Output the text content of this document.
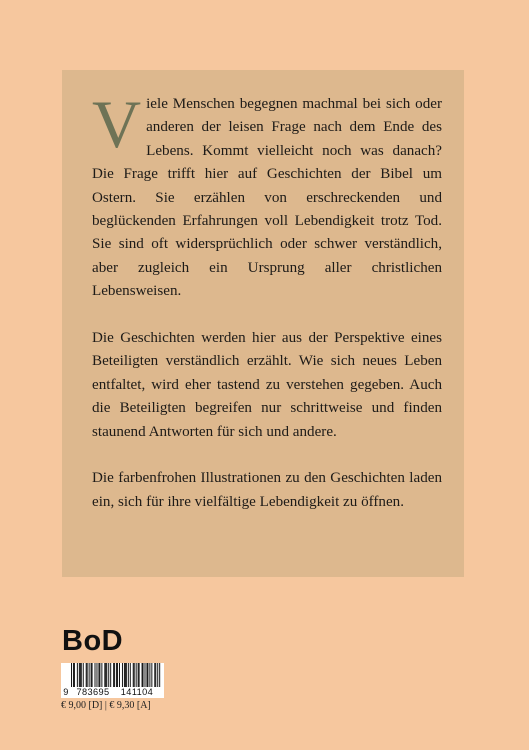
Viele Menschen begegnen machmal bei sich oder anderen der leisen Frage nach dem Ende des Lebens. Kommt vielleicht noch was danach? Die Frage trifft hier auf Geschichten der Bibel um Ostern. Sie erzählen von erschreckenden und beglückenden Erfahrungen voll Lebendigkeit trotz Tod. Sie sind oft widersprüchlich oder schwer verständlich, aber zugleich ein Ursprung aller christlichen Lebensweisen.

Die Geschichten werden hier aus der Perspektive eines Beteiligten verständlich erzählt. Wie sich neues Leben entfaltet, wird eher tastend zu verstehen gegeben. Auch die Beteiligten begreifen nur schrittweise und finden staunend Antworten für sich und andere.

Die farbenfrohen Illustrationen zu den Geschichten laden ein, sich für ihre vielfältige Lebendigkeit zu öffnen.

BoD
9 783695 141104
€ 9,00 [D] | € 9,30 [A]
